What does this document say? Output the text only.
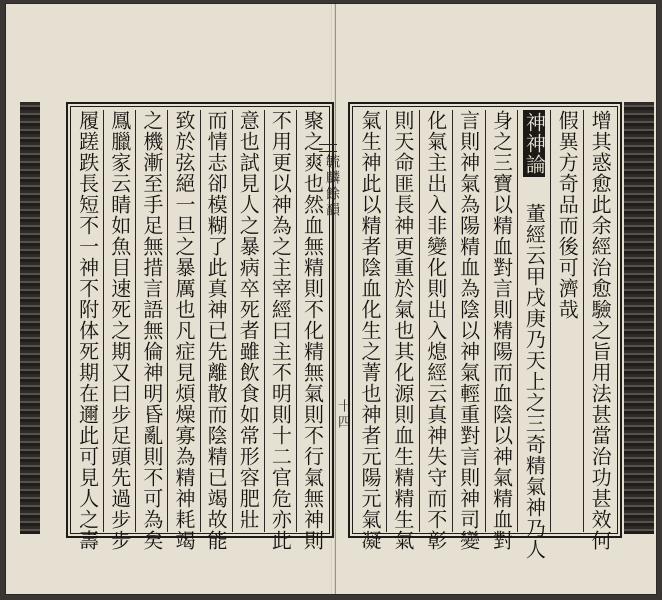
聚之爽也然血無精則不化精無氣則不行氣無神則
不用更以神為之主宰經曰主不明則十二官危亦此
意也試見人之暴病卒死者雖飲食如常形容肥壯
而情志卻模糊了此真神已先離散而陰精已竭故能
致於弦絕一旦之暴厲也凡症見煩燥寡為精神耗竭
之機漸至手足無措言語無倫神明昏亂則不可為矣
鳳臘家云睛如魚目速死之期又曰步足頭先過步步
履蹉跌長短不一神不附体死期在邇此可見人之壽	毓麟餘韻
十四	增其惑愈此余經治愈驗之旨用法甚當治功甚效何
假異方奇品而後可濟哉
神神論董經云甲戌庚乃天上之三奇精氣神乃人
身之三寶以精血對言則精陽而血陰以神氣精血對
言則神氣為陽精血為陰以神氣輕重對言則神司變
化氣主出入非變化則出入熄經云真神失守而不彰
則天命匪長神更重於氣也其化源則血生精精生氣
氣生神此以精者陰血化生之菁也神者元陽元氣凝
